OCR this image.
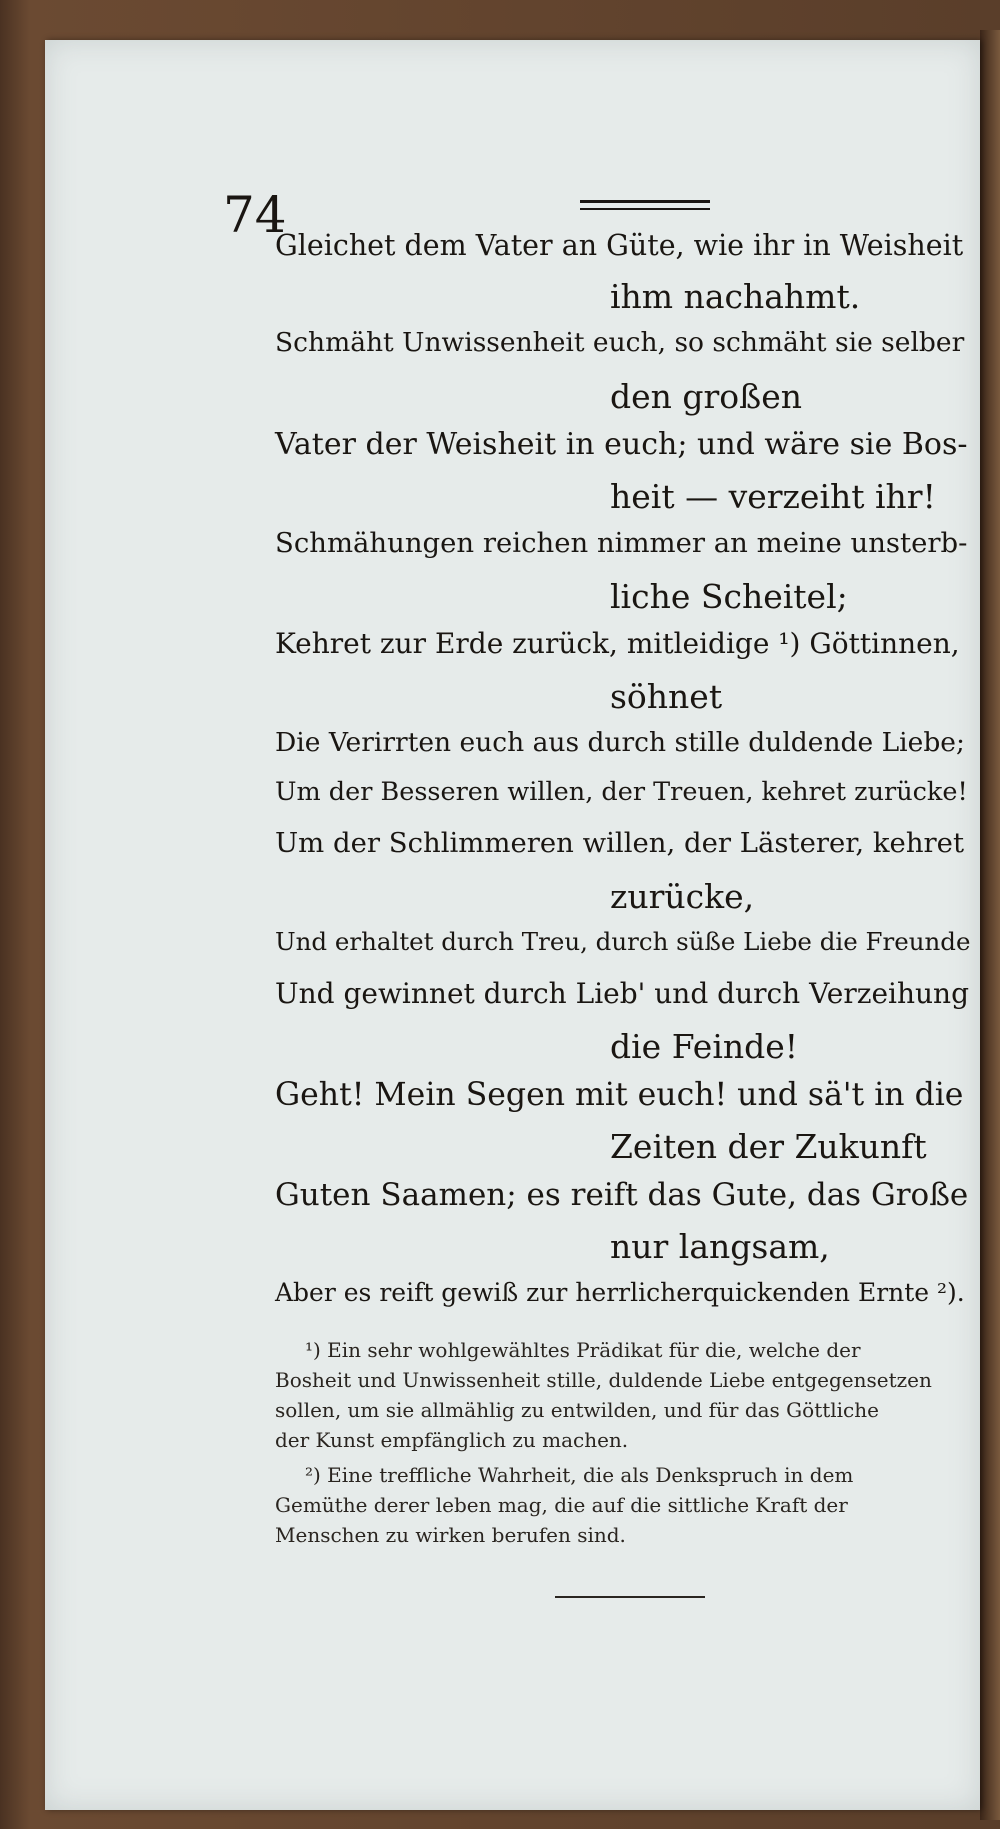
74
Gleichet dem Vater an Güte, wie ihr in Weisheit
ihm nachahmt.
Schmäht Unwissenheit euch, so schmäht sie selber
den großen
Vater der Weisheit in euch; und wäre sie Bos-
heit — verzeiht ihr!
Schmähungen reichen nimmer an meine unsterb-
liche Scheitel;
Kehret zur Erde zurück, mitleidige ¹) Göttinnen,
söhnet
Die Verirrten euch aus durch stille duldende Liebe;
Um der Besseren willen, der Treuen, kehret zurücke!
Um der Schlimmeren willen, der Lästerer, kehret
zurücke,
Und erhaltet durch Treu, durch süße Liebe die Freunde
Und gewinnet durch Lieb' und durch Verzeihung
die Feinde!
Geht! Mein Segen mit euch! und sä't in die
Zeiten der Zukunft
Guten Saamen; es reift das Gute, das Große
nur langsam,
Aber es reift gewiß zur herrlicherquickenden Ernte ²).
¹) Ein sehr wohlgewähltes Prädikat für die, welche der
Bosheit und Unwissenheit stille, duldende Liebe entgegensetzen
sollen, um sie allmählig zu entwilden, und für das Göttliche
der Kunst empfänglich zu machen.
²) Eine treffliche Wahrheit, die als Denkspruch in dem
Gemüthe derer leben mag, die auf die sittliche Kraft der
Menschen zu wirken berufen sind.
